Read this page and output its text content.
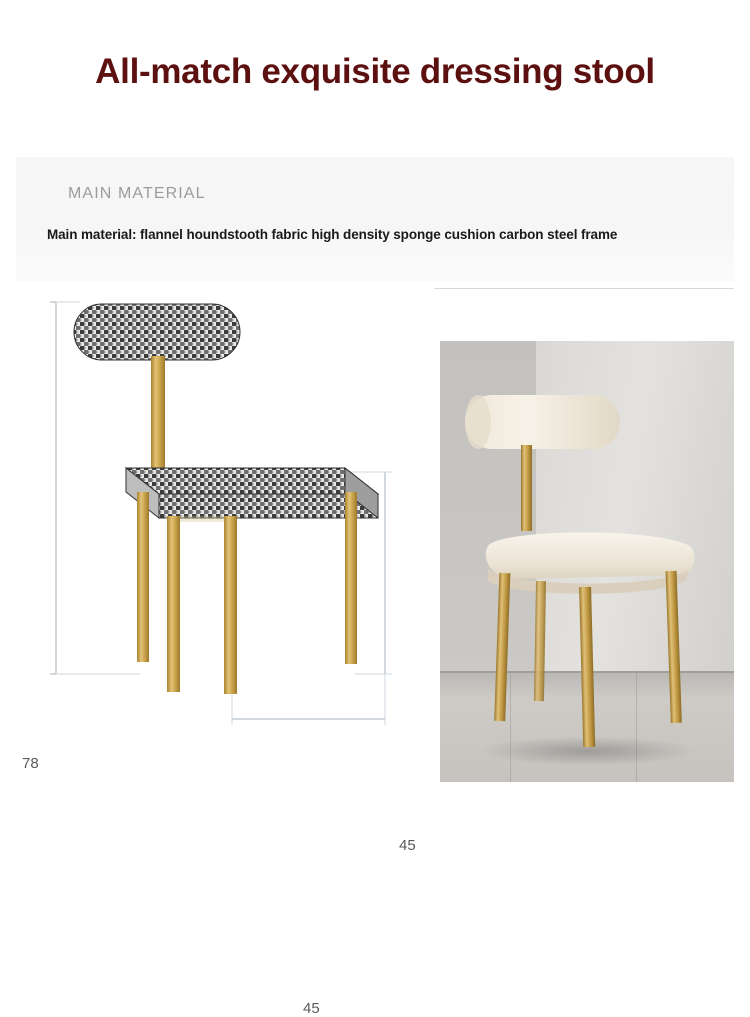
All-match exquisite dressing stool
MAIN MATERIAL
Main material: flannel houndstooth fabric high density sponge cushion carbon steel frame
78
45
45
